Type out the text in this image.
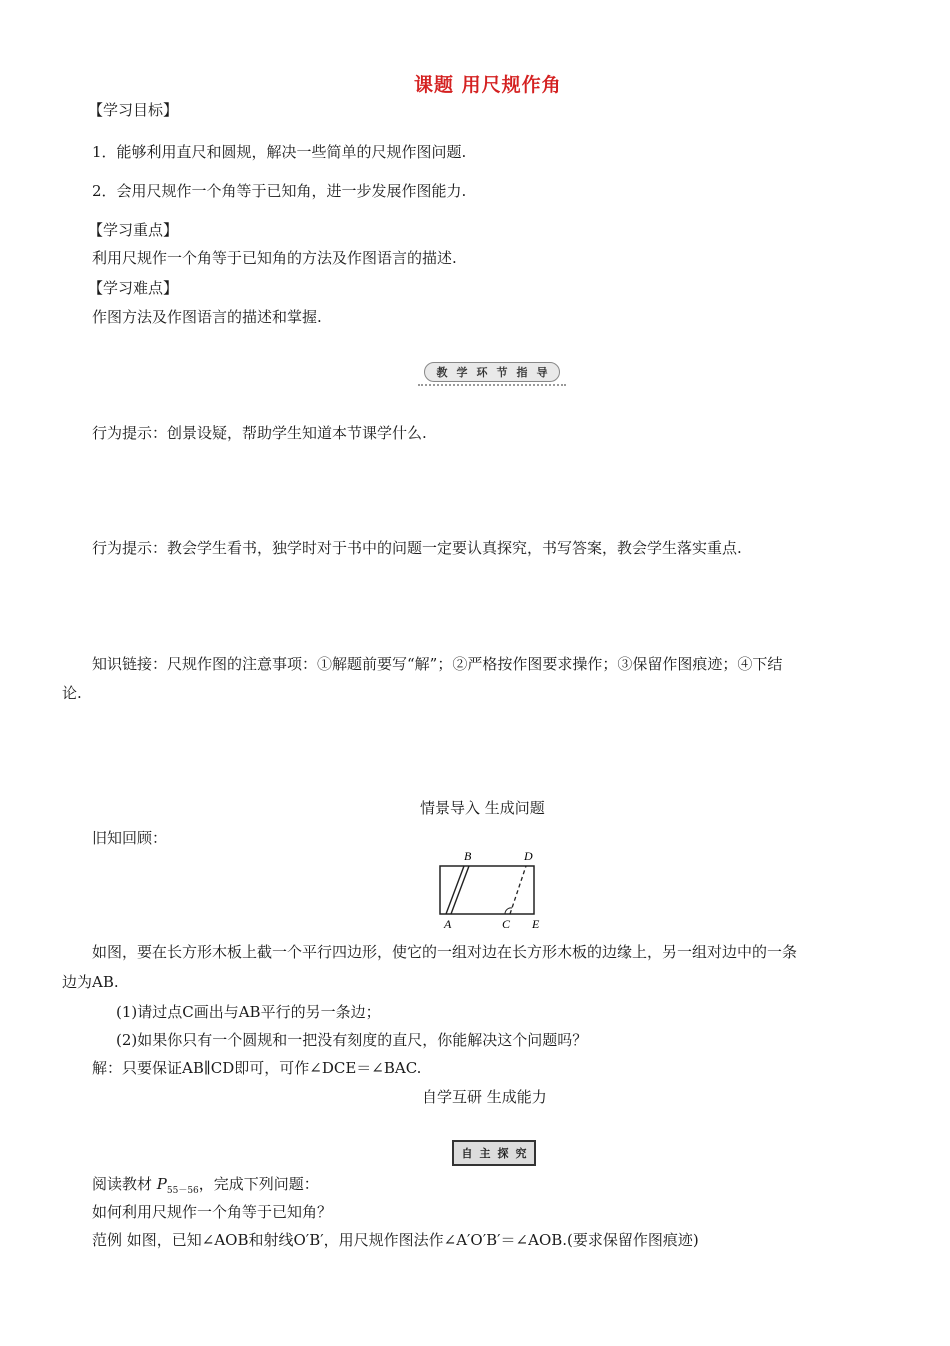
课题 用尺规作角
【学习目标】
1．能够利用直尺和圆规，解决一些简单的尺规作图问题.
2．会用尺规作一个角等于已知角，进一步发展作图能力.
【学习重点】
利用尺规作一个角等于已知角的方法及作图语言的描述.
【学习难点】
作图方法及作图语言的描述和掌握.
教 学 环 节 指 导
行为提示：创景设疑，帮助学生知道本节课学什么.
行为提示：教会学生看书，独学时对于书中的问题一定要认真探究，书写答案，教会学生落实重点.
知识链接：尺规作图的注意事项：①解题前要写“解”；②严格按作图要求操作；③保留作图痕迹；④下结
论.
情景导入 生成问题
旧知回顾：
B	D
A	C E
如图，要在长方形木板上截一个平行四边形，使它的一组对边在长方形木板的边缘上，另一组对边中的一条
边为AB.
(1)请过点C画出与AB平行的另一条边；
(2)如果你只有一个圆规和一把没有刻度的直尺，你能解决这个问题吗？
解：只要保证AB∥CD即可，可作∠DCE＝∠BAC.
自学互研 生成能力
自 主 探 究
阅读教材 $P_{55-56}$，完成下列问题：
如何利用尺规作一个角等于已知角？
范例 如图，已知∠AOB和射线O′B′，用尺规作图法作∠A′O′B′＝∠AOB.(要求保留作图痕迹)
